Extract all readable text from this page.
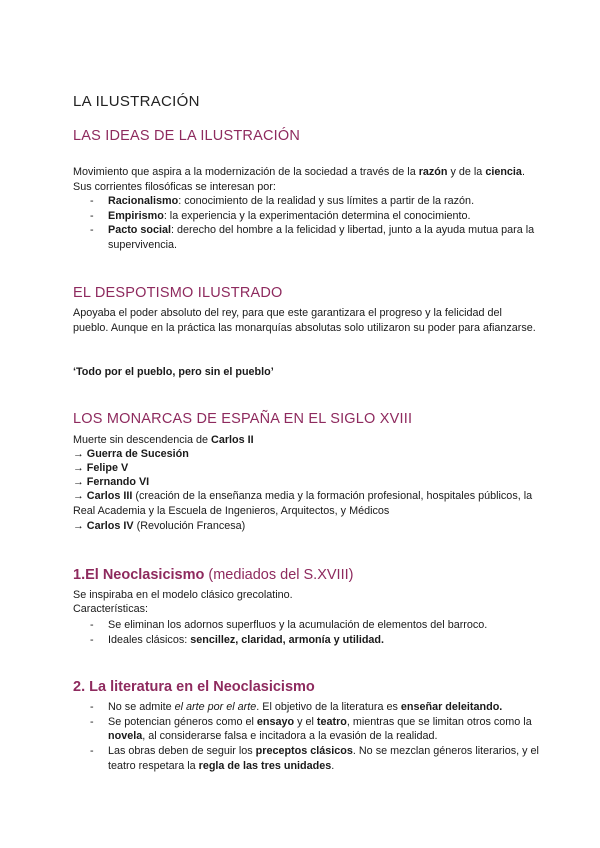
LA ILUSTRACIÓN
LAS IDEAS DE LA ILUSTRACIÓN
Movimiento que aspira a la modernización de la sociedad a través de la razón y de la ciencia. Sus corrientes filosóficas se interesan por:
- Racionalismo: conocimiento de la realidad y sus límites a partir de la razón.
- Empirismo: la experiencia y la experimentación determina el conocimiento.
- Pacto social: derecho del hombre a la felicidad y libertad, junto a la ayuda mutua para la supervivencia.
EL DESPOTISMO ILUSTRADO
Apoyaba el poder absoluto del rey, para que este garantizara el progreso y la felicidad del pueblo. Aunque en la práctica las monarquías absolutas solo utilizaron su poder para afianzarse.
‘Todo por el pueblo, pero sin el pueblo’
LOS MONARCAS DE ESPAÑA EN EL SIGLO XVIII
Muerte sin descendencia de Carlos II
→ Guerra de Sucesión
→ Felipe V
→ Fernando VI
→ Carlos III (creación de la enseñanza media y la formación profesional, hospitales públicos, la Real Academia y la Escuela de Ingenieros, Arquitectos, y Médicos
→ Carlos IV (Revolución Francesa)
1.El Neoclasicismo (mediados del S.XVIII)
Se inspiraba en el modelo clásico grecolatino.
Características:
- Se eliminan los adornos superfluos y la acumulación de elementos del barroco.
- Ideales clásicos: sencillez, claridad, armonía y utilidad.
2. La literatura en el Neoclasicismo
- No se admite el arte por el arte. El objetivo de la literatura es enseñar deleitando.
- Se potencian géneros como el ensayo y el teatro, mientras que se limitan otros como la novela, al considerarse falsa e incitadora a la evasión de la realidad.
- Las obras deben de seguir los preceptos clásicos. No se mezclan géneros literarios, y el teatro respetara la regla de las tres unidades.
